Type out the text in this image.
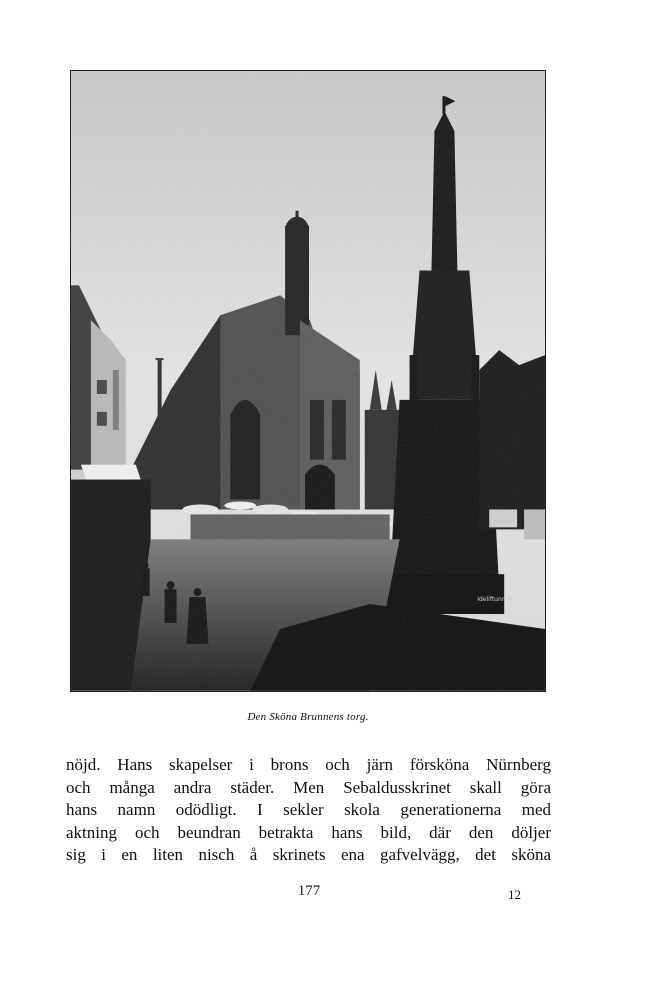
Den Sköna Brunnens torg.
nöjd. Hans skapelser i brons och järn försköna Nürnberg
och många andra städer. Men Sebaldusskrinet skall göra
hans namn odödligt. I sekler skola generationerna med
aktning och beundran betrakta hans bild, där den döljer
sig i en liten nisch å skrinets ena gafvelvägg, det sköna
177	12
